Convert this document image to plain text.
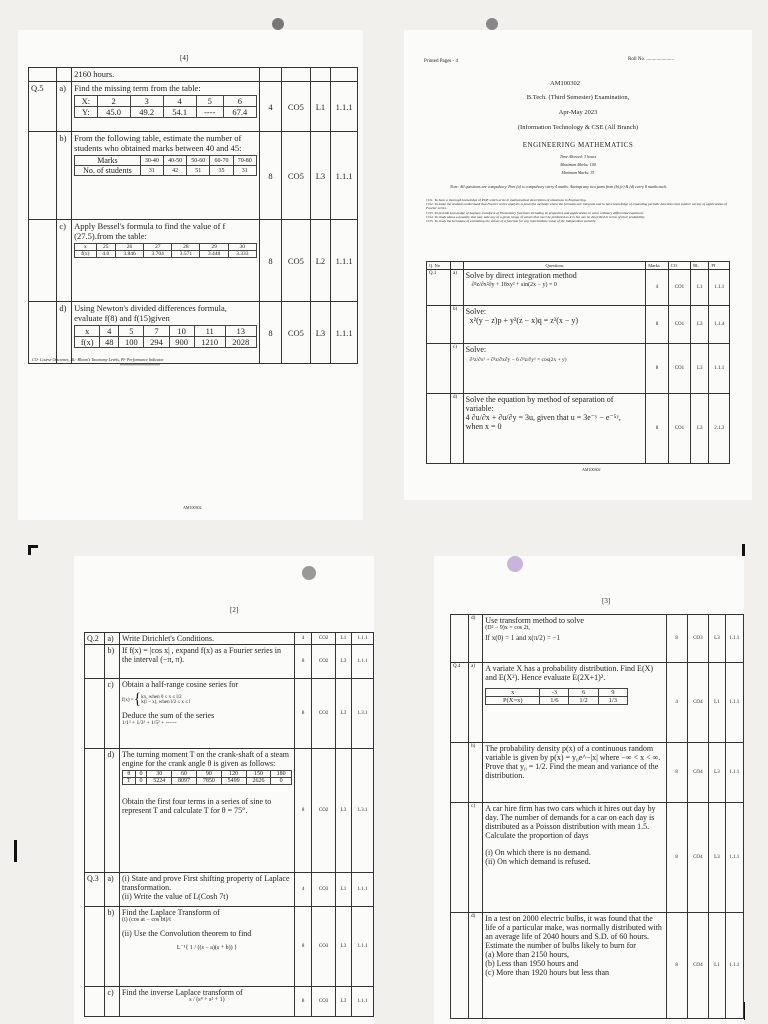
[4]
		2160 hours.				
Q.5	a)	Find the missing term from the table:
X:	2	3	4	5	6
Y:	45.0	49.2	54.1	----	67.4
	4	CO5	L1	1.1.1
	b)	From the following table, estimate the number of students who obtained marks between 40 and 45:
Marks	30-40	40-50	50-60	60-70	70-80
No. of students	31	42	51	35	31
	8	CO5	L3	1.1.1
	c)	Apply Bessel's formula to find the value of f (27.5).from the table:
x	25	26	27	28	29	30
f(x)	4.0	3.846	3.704	3.571	3.448	3.333
	8	CO5	L2	1.1.1
	d)	Using Newton's divided differences formula, evaluate f(8) and f(15)given
x	4	5	7	10	11	13
f(x)	48	100	294	900	1210	2028
	8	CO5	L3	1.1.1
CO- Course Outcomes, BL- Bloom's Taxonomy Levels, PI- Performance Indicator
********************
AM100302
Printed Pages - 4	Roll No. ......................
AM100302
B.Tech. (Third Semester) Examination,
Apr-May 2023
(Information Technology & CSE (All Branch)
ENGINEERING MATHEMATICS
Time Allowed: 3 hours
Maximum Marks: 100
Minimum Marks: 35
Note: All questions are compulsory. Part (a) is compulsory carry 4 marks. Attempt any two parts from (b),(c) & (d) carry 8 marks each.
CO1. To have a thorough knowledge of PDE which arise in mathematical description of situations in Engineering.
CO2. To make the students understand that Fourier series analysis is powerful methods where the formulas are integrals and to have knowledge of expanding periodic functions that explore variety of applications of Fourier series.
CO3. To provide knowledge of Laplace transform of Elementary functions including its properties and applications to solve ordinary differential equations.
CO4. To study about a quantity that may take any of a given range of values that can't be predicted as it is but can be described in terms of their probability.
CO5. To study the technique of estimating the values of a function for any intermediate value of the independent variable.
Q. No		Questions	Marks	CO	BL	PI
Q.1	a)	Solve by direct integration method
∂²z/∂x²∂y + 18xy² + sin(2x − y) = 0	4	CO1	L1	1.1.1
	b)	Solve:
x²(y − z)p + y²(z − x)q = z²(x − y)	8	CO1	L3	1.1.4
	c)	Solve:
∂²z/∂x² + ∂²z/∂x∂y − 6 ∂²z/∂y² = cos(2x + y)	8	CO1	L3	1.1.1
	d)	Solve the equation by method of separation of variable:
4 ∂u/∂x + ∂u/∂y = 3u, given that u = 3e⁻ʸ − e⁻⁵ʸ,
when x = 0	8	CO1	L3	2.1.3
AM100302
[2]
Q.2	a)	Write Dirichlet's Conditions.	4	CO2	L1	1.1.1
	b)	If f(x) = |cos x| , expand f(x) as a Fourier series in the interval (−π, π).	8	CO2	L3	1.1.1
	c)	Obtain a half-range cosine series for
f(x) = { kx, when 0 ≤ x ≤ l/2
k(l − x), when l/2 ≤ x ≤ l
Deduce the sum of the series
1/1² + 1/3² + 1/5² + ------
	8	CO2	L3	1.3.1
	d)	The turning moment T on the crank-shaft of a steam engine for the crank angle θ is given as follows:
θ	0	30	60	90	120	150	180
T	0	5224	8097	7850	5499	2626	0
Obtain the first four terms in a series of sine to represent T and calculate T for θ = 75°.	8	CO2	L3	1.3.1
Q.3	a)	(i) State and prove First shifting property of Laplace transformation.
(ii) Write the value of L(Cosh 7t)
	4	CO3	L1	1.1.1
	b)	Find the Laplace Transform of
(i) (cos at − cos bt)/t
(ii) Use the Convolution theorem to find
L⁻¹{ 1 / ((s − a)(s + b)) }	8	CO3	L3	1.1.1
	c)	Find the inverse Laplace transform of
s / (s⁴ + s² + 1)	8	CO3	L3	1.1.1
[3]
	d)	Use transform method to solve
(D² − 9)x = cos 2t,
If x(0) = 1 and x(π/2) = −1	8	CO3	L3	1.1.1
Q.4	a)	A variate X has a probability distribution. Find E(X) and E(X²). Hence evaluate E(2X+1)².
x	-3	6	9
P(X=x)	1/6	1/2	1/3
		4	CO4	L1	1.1.1
	b)	The probability density p(x) of a continuous random variable is given by p(x) = y₀e^−|x| where −∞ < x < ∞. Prove that y₀ = 1/2. Find the mean and variance of the distribution.	8	CO4	L3	1.1.1
	c)	A car hire firm has two cars which it hires out day by day. The number of demands for a car on each day is distributed as a Poisson distribution with mean 1.5. Calculate the proportion of days
(i) On which there is no demand.
(ii) On which demand is refused.	8	CO4	L3	1.1.1
	d)	In a test on 2000 electric bulbs, it was found that the life of a particular make, was normally distributed with an average life of 2040 hours and S.D. of 60 hours. Estimate the number of bulbs likely to burn for
(a) More than 2150 hours,
(b) Less than 1950 hours and
(c) More than 1920 hours but less than
	8	CO4	L1	1.1.1
